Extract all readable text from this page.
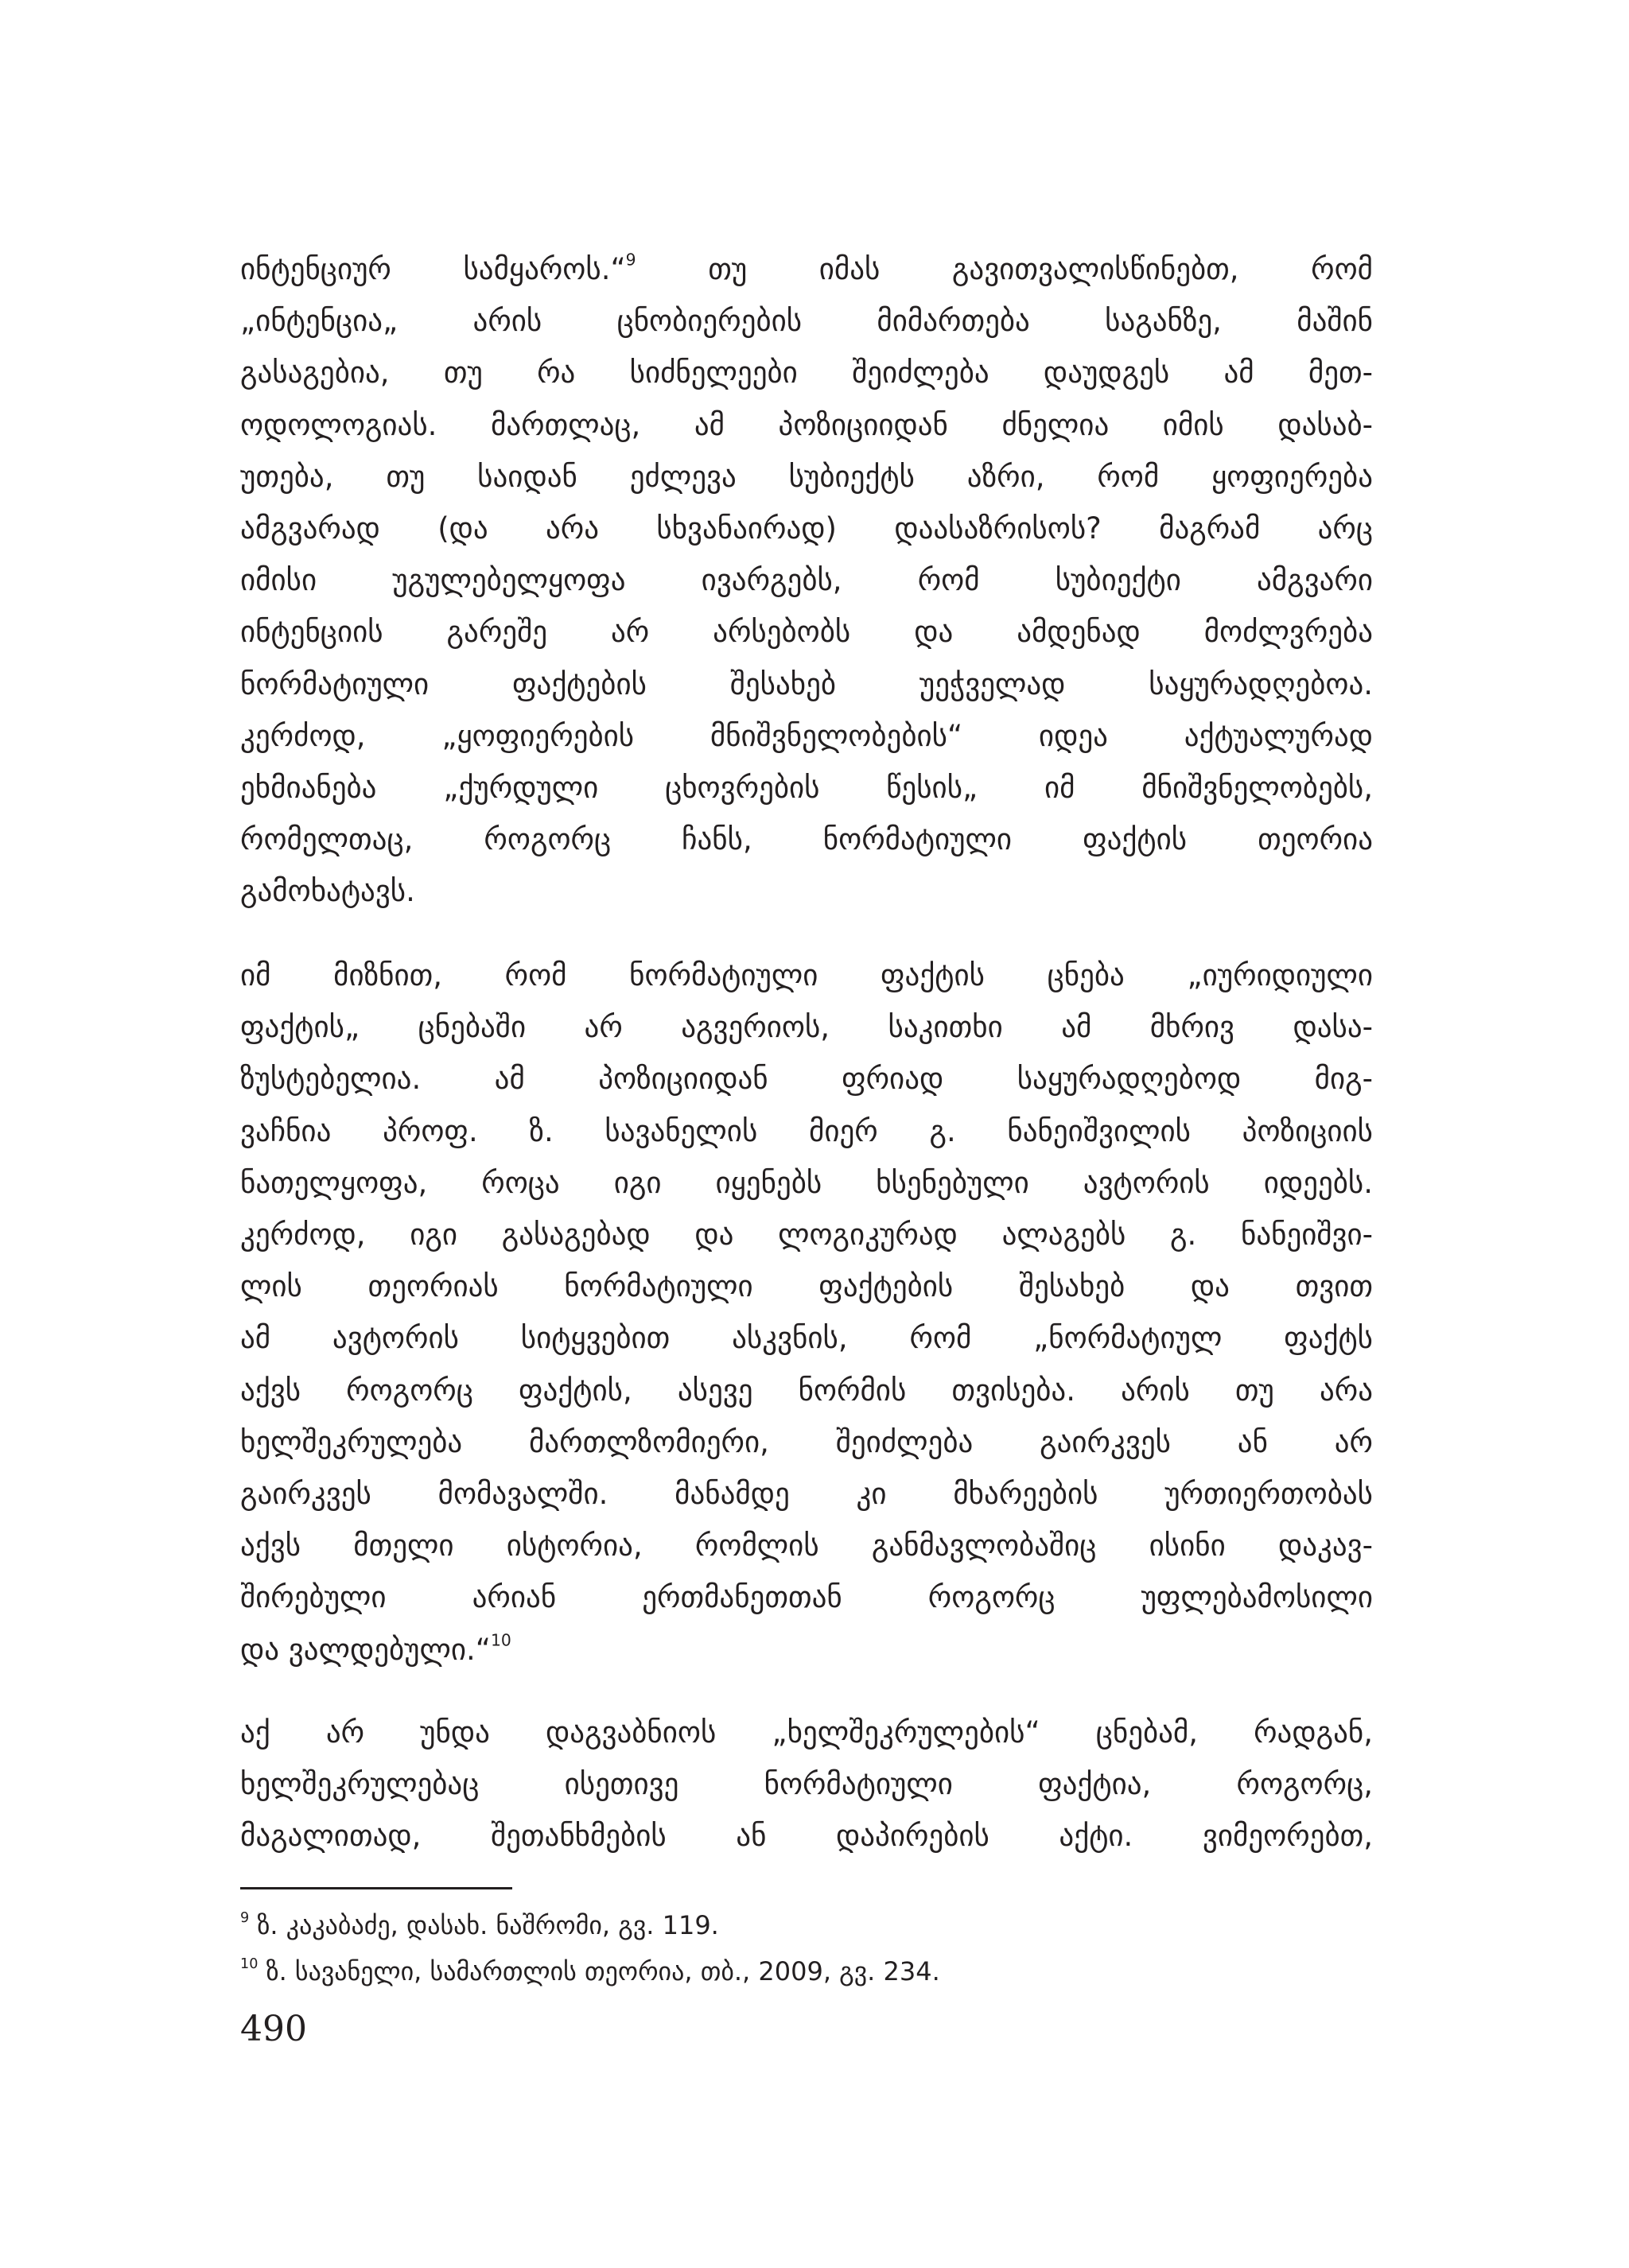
ინტენციურ სამყაროს.“$^9$ თუ იმას გავითვალისწინებთ, რომ
„ინტენცია„ არის ცნობიერების მიმართება საგანზე, მაშინ
გასაგებია, თუ რა სიძნელეები შეიძლება დაუდგეს ამ მეთ-
ოდოლოგიას. მართლაც, ამ პოზიციიდან ძნელია იმის დასაბ-
უთება, თუ საიდან ეძლევა სუბიექტს აზრი, რომ ყოფიერება
ამგვარად (და არა სხვანაირად) დაასაზრისოს? მაგრამ არც
იმისი უგულებელყოფა ივარგებს, რომ სუბიექტი ამგვარი
ინტენციის გარეშე არ არსებობს და ამდენად მოძლვრება
ნორმატიული ფაქტების შესახებ უეჭველად საყურადღებოა.
კერძოდ, „ყოფიერების მნიშვნელობების“ იდეა აქტუალურად
ეხმიანება „ქურდული ცხოვრების წესის„ იმ მნიშვნელობებს,
რომელთაც, როგორც ჩანს, ნორმატიული ფაქტის თეორია
გამოხატავს.
იმ მიზნით, რომ ნორმატიული ფაქტის ცნება „იურიდიული
ფაქტის„ ცნებაში არ აგვერიოს, საკითხი ამ მხრივ დასა-
ზუსტებელია. ამ პოზიციიდან ფრიად საყურადღებოდ მიგ-
ვაჩნია პროფ. ზ. სავანელის მიერ გ. ნანეიშვილის პოზიციის
ნათელყოფა, როცა იგი იყენებს ხსენებული ავტორის იდეებს.
კერძოდ, იგი გასაგებად და ლოგიკურად ალაგებს გ. ნანეიშვი-
ლის თეორიას ნორმატიული ფაქტების შესახებ და თვით
ამ ავტორის სიტყვებით ასკვნის, რომ „ნორმატიულ ფაქტს
აქვს როგორც ფაქტის, ასევე ნორმის თვისება. არის თუ არა
ხელშეკრულება მართლზომიერი, შეიძლება გაირკვეს ან არ
გაირკვეს მომავალში. მანამდე კი მხარეების ურთიერთობას
აქვს მთელი ისტორია, რომლის განმავლობაშიც ისინი დაკავ-
შირებული არიან ერთმანეთთან როგორც უფლებამოსილი
და ვალდებული.“$^{10}$
აქ არ უნდა დაგვაბნიოს „ხელშეკრულების“ ცნებამ, რადგან,
ხელშეკრულებაც ისეთივე ნორმატიული ფაქტია, როგორც,
მაგალითად, შეთანხმების ან დაპირების აქტი. ვიმეორებთ,
$^9$ ზ. კაკაბაძე, დასახ. ნაშრომი, გვ. 119.
$^{10}$ ზ. სავანელი, სამართლის თეორია, თბ., 2009, გვ. 234.
490
